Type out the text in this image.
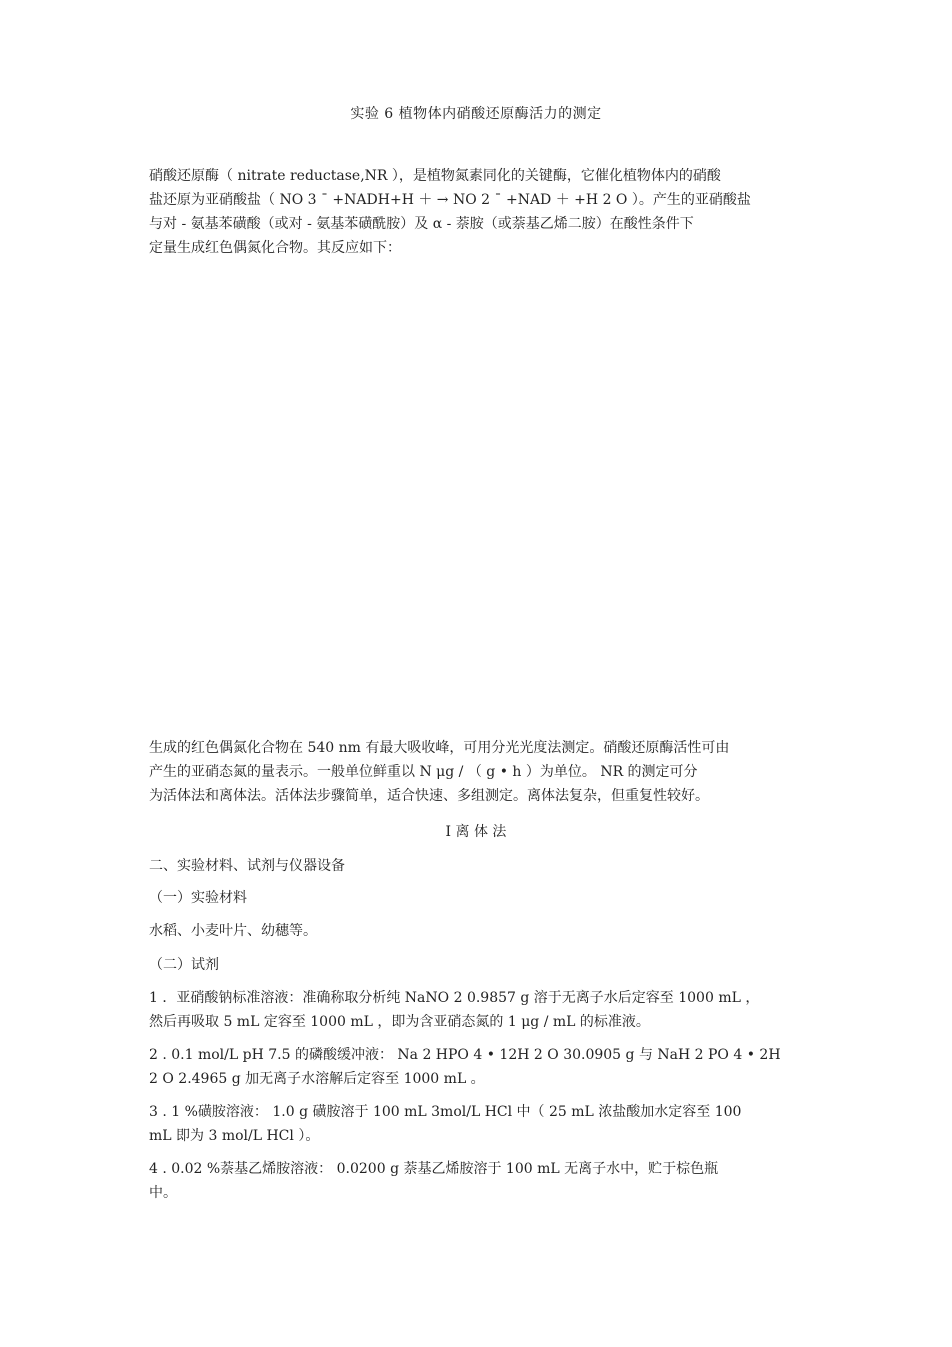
实验 6 植物体内硝酸还原酶活力的测定
硝酸还原酶（ nitrate reductase,NR ），是植物氮素同化的关键酶，它催化植物体内的硝酸
盐还原为亚硝酸盐（ NO 3 ¯ +NADH+H ＋ → NO 2 ¯ +NAD ＋ +H 2 O ）。产生的亚硝酸盐
与对 - 氨基苯磺酸（或对 - 氨基苯磺酰胺）及 α - 萘胺（或萘基乙烯二胺）在酸性条件下
定量生成红色偶氮化合物。其反应如下：
生成的红色偶氮化合物在 540 nm 有最大吸收峰，可用分光光度法测定。硝酸还原酶活性可由
产生的亚硝态氮的量表示。一般单位鲜重以 N μg / （ g • h ）为单位。 NR 的测定可分
为活体法和离体法。活体法步骤简单，适合快速、多组测定。离体法复杂，但重复性较好。
Ⅰ 离 体 法
二、实验材料、试剂与仪器设备
（一）实验材料
水稻、小麦叶片、幼穗等。
（二）试剂
1 ．亚硝酸钠标准溶液：准确称取分析纯 NaNO 2 0.9857 g 溶于无离子水后定容至 1000 mL ，
然后再吸取 5 mL 定容至 1000 mL ，即为含亚硝态氮的 1 μg / mL 的标准液。
2 . 0.1 mol/L pH 7.5 的磷酸缓冲液： Na 2 HPO 4 • 12H 2 O 30.0905 g 与 NaH 2 PO 4 • 2H
2 O 2.4965 g 加无离子水溶解后定容至 1000 mL 。
3 . 1 %磺胺溶液： 1.0 g 磺胺溶于 100 mL 3mol/L HCl 中（ 25 mL 浓盐酸加水定容至 100
mL 即为 3 mol/L HCl ）。
4 . 0.02 %萘基乙烯胺溶液： 0.0200 g 萘基乙烯胺溶于 100 mL 无离子水中，贮于棕色瓶
中。
